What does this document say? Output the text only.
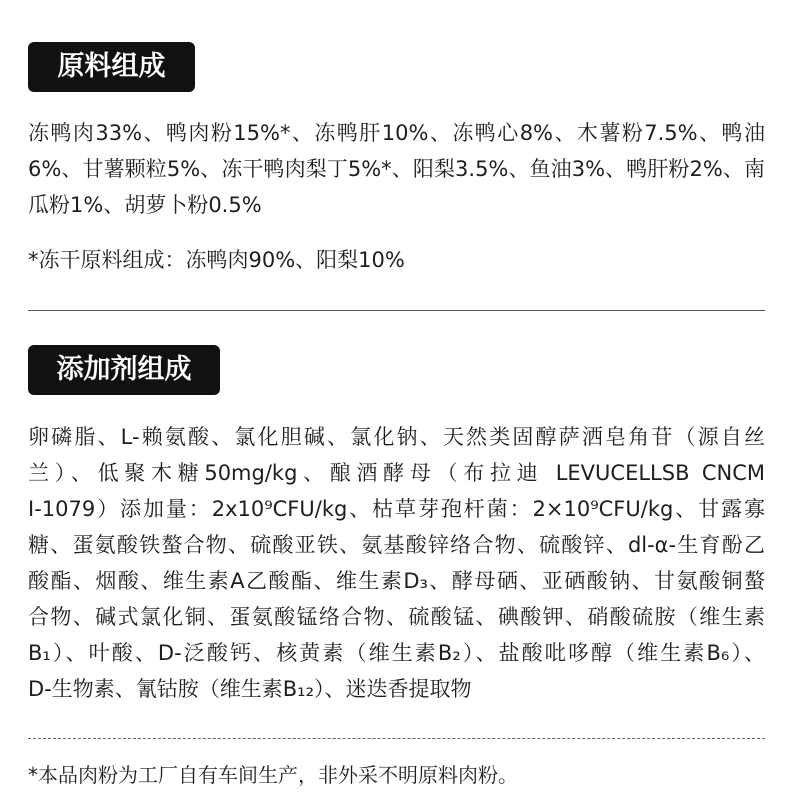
原料组成
冻鸭肉33%、鸭肉粉15%*、冻鸭肝10%、冻鸭心8%、木薯粉7.5%、鸭油
6%、甘薯颗粒5%、冻干鸭肉梨丁5%*、阳梨3.5%、鱼油3%、鸭肝粉2%、南
瓜粉1%、胡萝卜粉0.5%
*冻干原料组成：冻鸭肉90%、阳梨10%
添加剂组成
卵磷脂、L-赖氨酸、氯化胆碱、氯化钠、天然类固醇萨洒皂角苷（源自丝
兰）、低聚木糖50mg/kg、酿酒酵母（布拉迪 LEVUCELLSB CNCM
I-1079）添加量：2x10⁹CFU/kg、枯草芽孢杆菌：2×10⁹CFU/kg、甘露寡
糖、蛋氨酸铁螯合物、硫酸亚铁、氨基酸锌络合物、硫酸锌、dl-α-生育酚乙
酸酯、烟酸、维生素A乙酸酯、维生素D₃、酵母硒、亚硒酸钠、甘氨酸铜螯
合物、碱式氯化铜、蛋氨酸锰络合物、硫酸锰、碘酸钾、硝酸硫胺（维生素
B₁）、叶酸、D-泛酸钙、核黄素（维生素B₂）、盐酸吡哆醇（维生素B₆）、
D-生物素、氰钴胺（维生素B₁₂）、迷迭香提取物
*本品肉粉为工厂自有车间生产，非外采不明原料肉粉。
